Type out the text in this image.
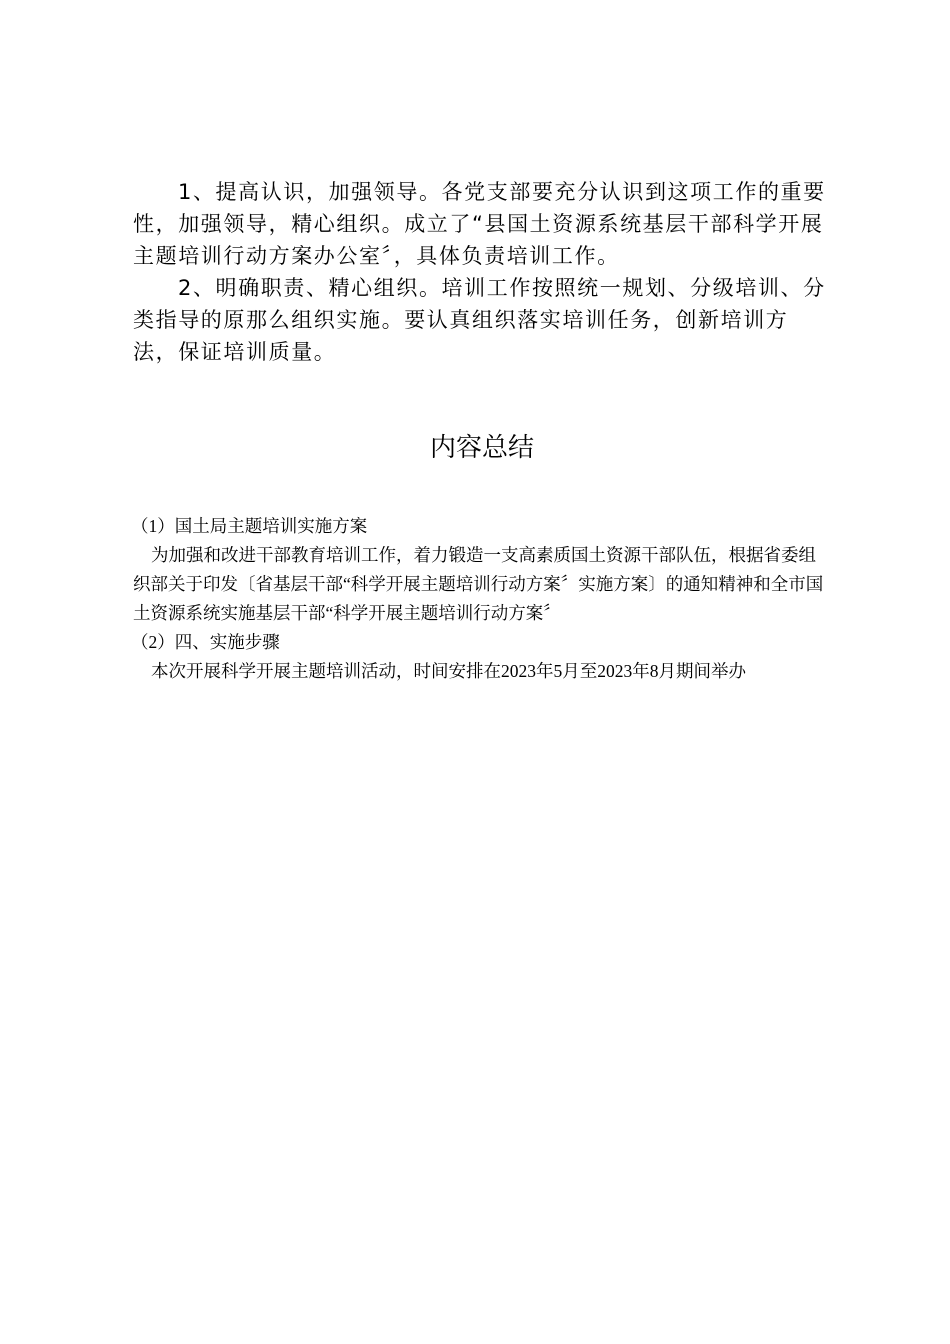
1、提高认识，加强领导。各党支部要充分认识到这项工作的重要性，加强领导，精心组织。成立了“县国土资源系统基层干部科学开展主题培训行动方案办公室〞，具体负责培训工作。

2、明确职责、精心组织。培训工作按照统一规划、分级培训、分类指导的原那么组织实施。要认真组织落实培训任务，创新培训方法，保证培训质量。

内容总结

（1）国土局主题培训实施方案

为加强和改进干部教育培训工作，着力锻造一支高素质国土资源干部队伍，根据省委组织部关于印发〔省基层干部“科学开展主题培训行动方案〞实施方案〕的通知精神和全市国土资源系统实施基层干部“科学开展主题培训行动方案〞

（2）四、实施步骤

本次开展科学开展主题培训活动，时间安排在2023年5月至2023年8月期间举办
